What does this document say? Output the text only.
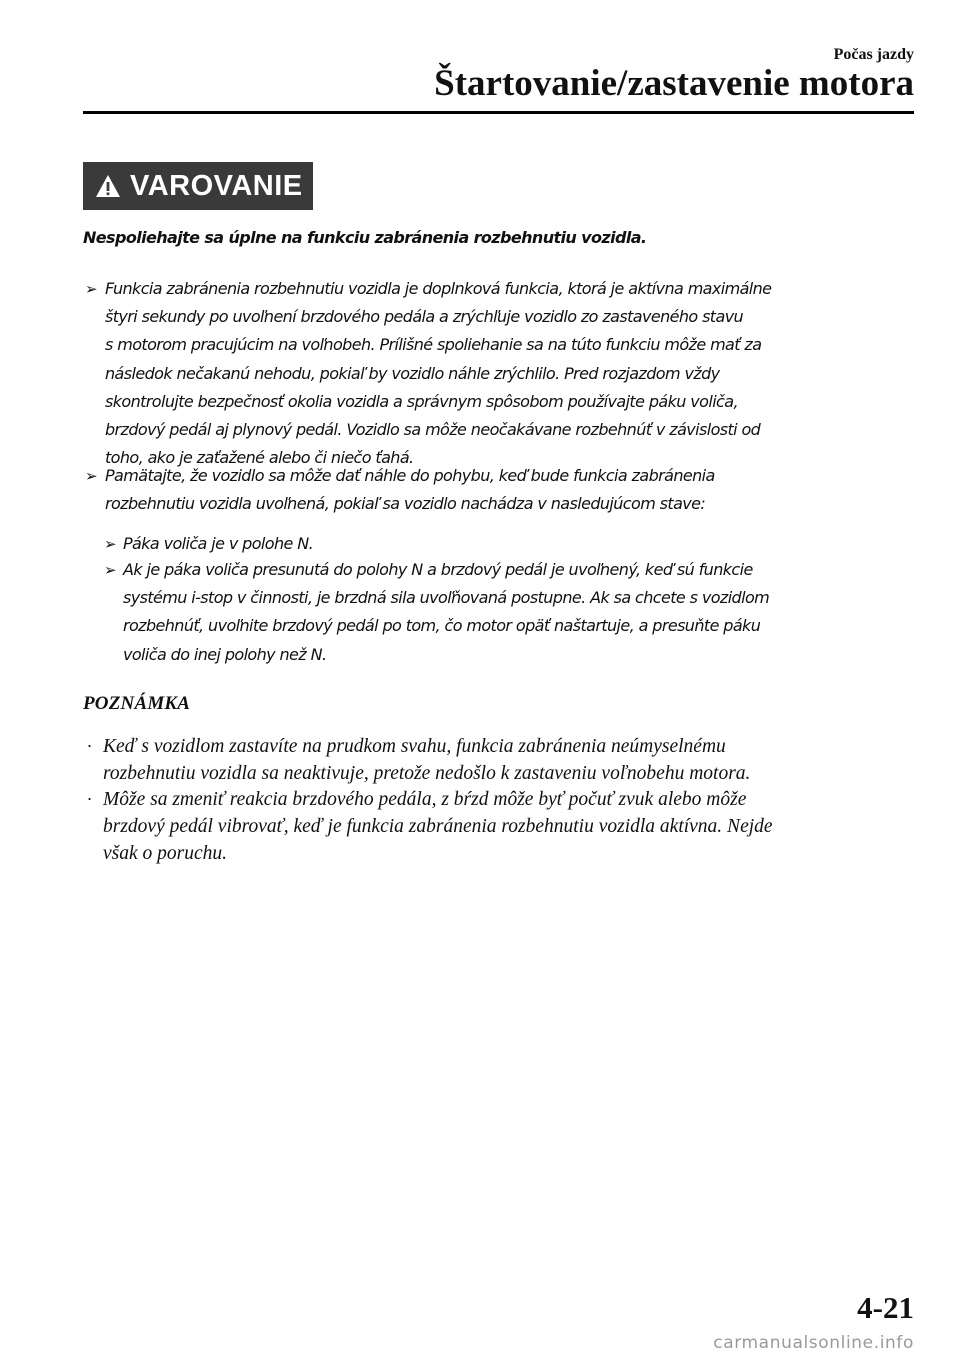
Počas jazdy
Štartovanie/zastavenie motora
VAROVANIE
Nespoliehajte sa úplne na funkciu zabránenia rozbehnutiu vozidla.
➢ Funkcia zabránenia rozbehnutiu vozidla je doplnková funkcia, ktorá je aktívna maximálne
štyri sekundy po uvoľnení brzdového pedála a zrýchľuje vozidlo zo zastaveného stavu
s motorom pracujúcim na voľnobeh. Prílišné spoliehanie sa na túto funkciu môže mať za
následok nečakanú nehodu, pokiaľ by vozidlo náhle zrýchlilo. Pred rozjazdom vždy
skontrolujte bezpečnosť okolia vozidla a správnym spôsobom používajte páku voliča,
brzdový pedál aj plynový pedál. Vozidlo sa môže neočakávane rozbehnúť v závislosti od
toho, ako je zaťažené alebo či niečo ťahá.
➢ Pamätajte, že vozidlo sa môže dať náhle do pohybu, keď bude funkcia zabránenia
rozbehnutiu vozidla uvoľnená, pokiaľ sa vozidlo nachádza v nasledujúcom stave:
➢ Páka voliča je v polohe N.
➢ Ak je páka voliča presunutá do polohy N a brzdový pedál je uvoľnený, keď sú funkcie
systému i-stop v činnosti, je brzdná sila uvoľňovaná postupne. Ak sa chcete s vozidlom
rozbehnúť, uvoľnite brzdový pedál po tom, čo motor opäť naštartuje, a presuňte páku
voliča do inej polohy než N.
POZNÁMKA
· Keď s vozidlom zastavíte na prudkom svahu, funkcia zabránenia neúmyselnému
rozbehnutiu vozidla sa neaktivuje, pretože nedošlo k zastaveniu voľnobehu motora.
· Môže sa zmeniť reakcia brzdového pedála, z bŕzd môže byť počuť zvuk alebo môže
brzdový pedál vibrovať, keď je funkcia zabránenia rozbehnutiu vozidla aktívna. Nejde
však o poruchu.
4-21
carmanualsonline.info
